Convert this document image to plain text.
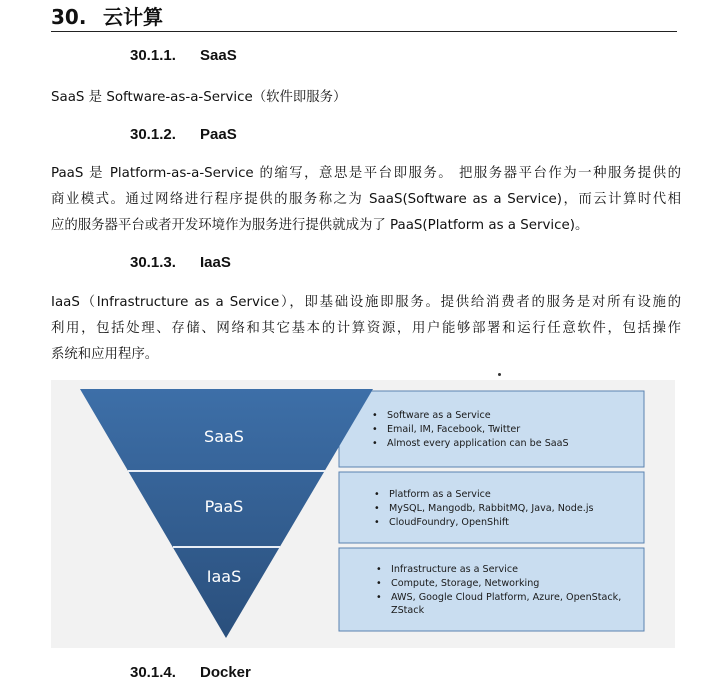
30. 云计算
30.1.1. SaaS
SaaS 是 Software-as-a-Service（软件即服务）
30.1.2. PaaS
PaaS 是 Platform-as-a-Service 的缩写，意思是平台即服务。 把服务器平台作为一种服务提供的
商业模式。通过网络进行程序提供的服务称之为 SaaS(Software as a Service)，而云计算时代相
应的服务器平台或者开发环境作为服务进行提供就成为了 PaaS(Platform as a Service)。
30.1.3. IaaS
IaaS（Infrastructure as a Service），即基础设施即服务。提供给消费者的服务是对所有设施的
利用，包括处理、存储、网络和其它基本的计算资源，用户能够部署和运行任意软件，包括操作
系统和应用程序。
SaaS
PaaS
IaaS
• Software as a Service
• Email, IM, Facebook, Twitter
• Almost every application can be SaaS
• Platform as a Service
• MySQL, Mangodb, RabbitMQ, Java, Node.js
• CloudFoundry, OpenShift
• Infrastructure as a Service
• Compute, Storage, Networking
• AWS, Google Cloud Platform, Azure, OpenStack,
ZStack
30.1.4. Docker
